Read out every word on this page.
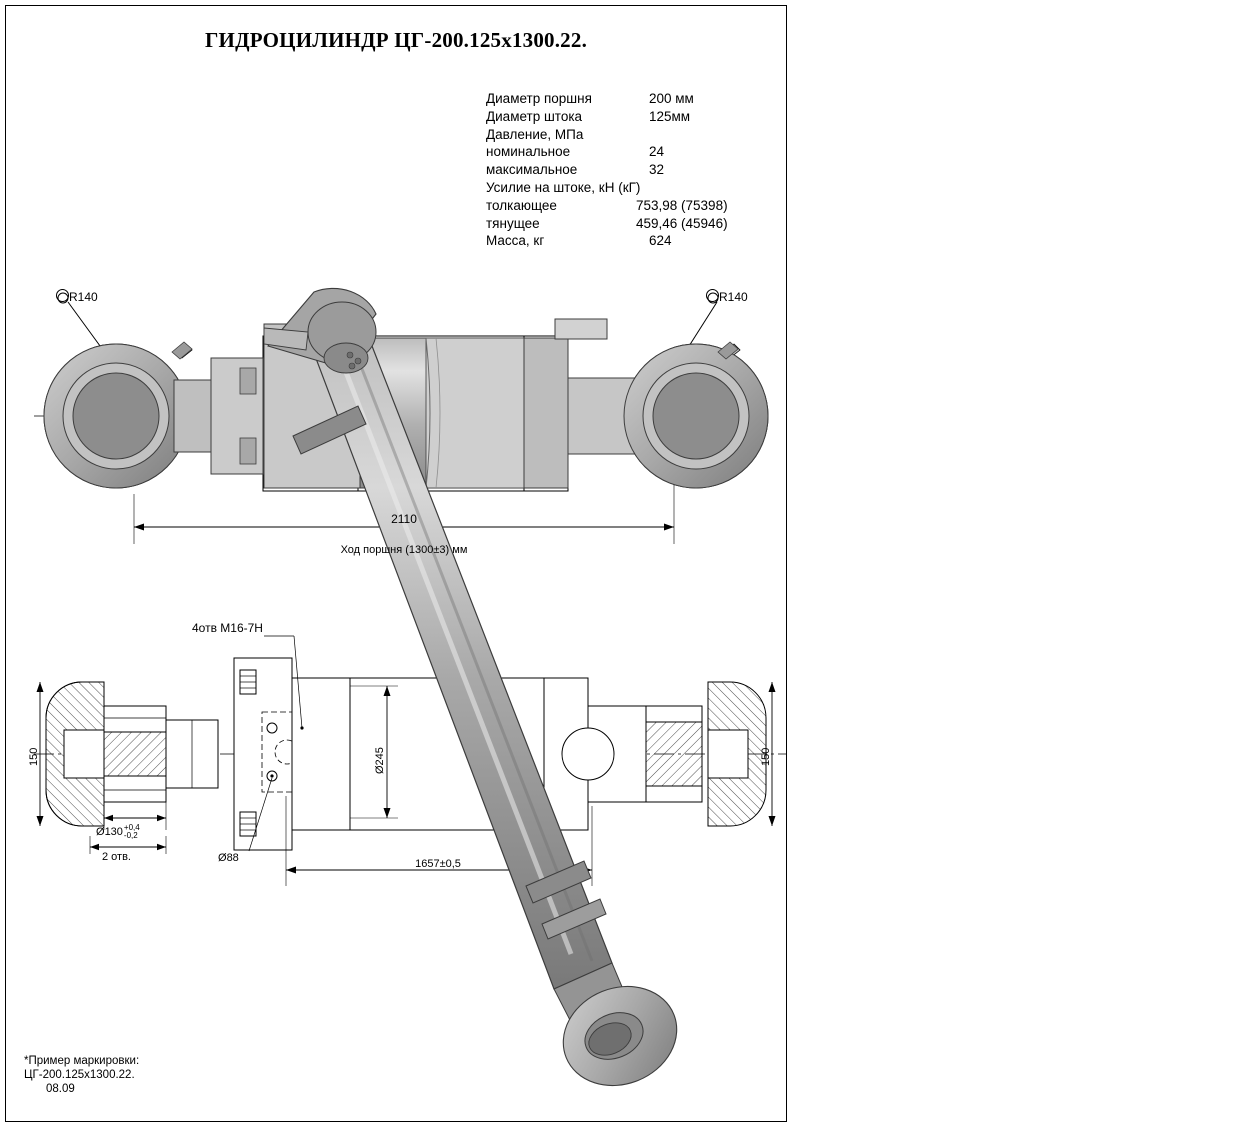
ГИДРОЦИЛИНДР ЦГ-200.125х1300.22.
Диаметр поршня	200 мм
Диаметр штока	125мм
Давление, МПа
номинальное	24
максимальное	32
Усилие на штоке, кН (кГ)
толкающее	753,98 (75398)
тянущее	459,46 (45946)
Масса, кг	624
2110
Ход поршня (1300±3) мм
1657±0,5
R140	R140
4отв М16-7Н
150	150
Ø245
Ø130 +0,4
-0,2
2 отв.	Ø88
*Пример маркировки:
ЦГ-200.125х1300.22.
08.09
